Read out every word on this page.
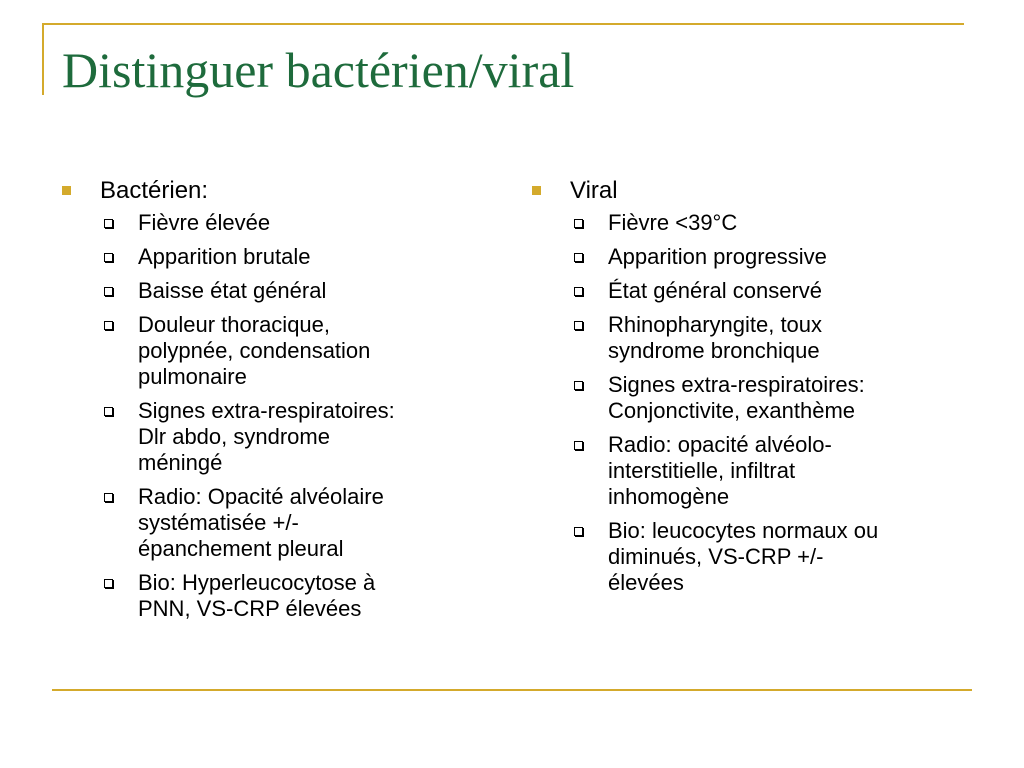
Distinguer bactérien/viral
Bactérien:
Fièvre élevée
Apparition brutale
Baisse état général
Douleur thoracique,
polypnée, condensation
pulmonaire
Signes extra-respiratoires:
Dlr abdo, syndrome
méningé
Radio: Opacité alvéolaire
systématisée +/-
épanchement pleural
Bio: Hyperleucocytose à
PNN, VS-CRP élevées
Viral
Fièvre <39°C
Apparition progressive
État général conservé
Rhinopharyngite, toux
syndrome bronchique
Signes extra-respiratoires:
Conjonctivite, exanthème
Radio: opacité alvéolo-
interstitielle, infiltrat
inhomogène
Bio: leucocytes normaux ou
diminués, VS-CRP +/-
élevées
